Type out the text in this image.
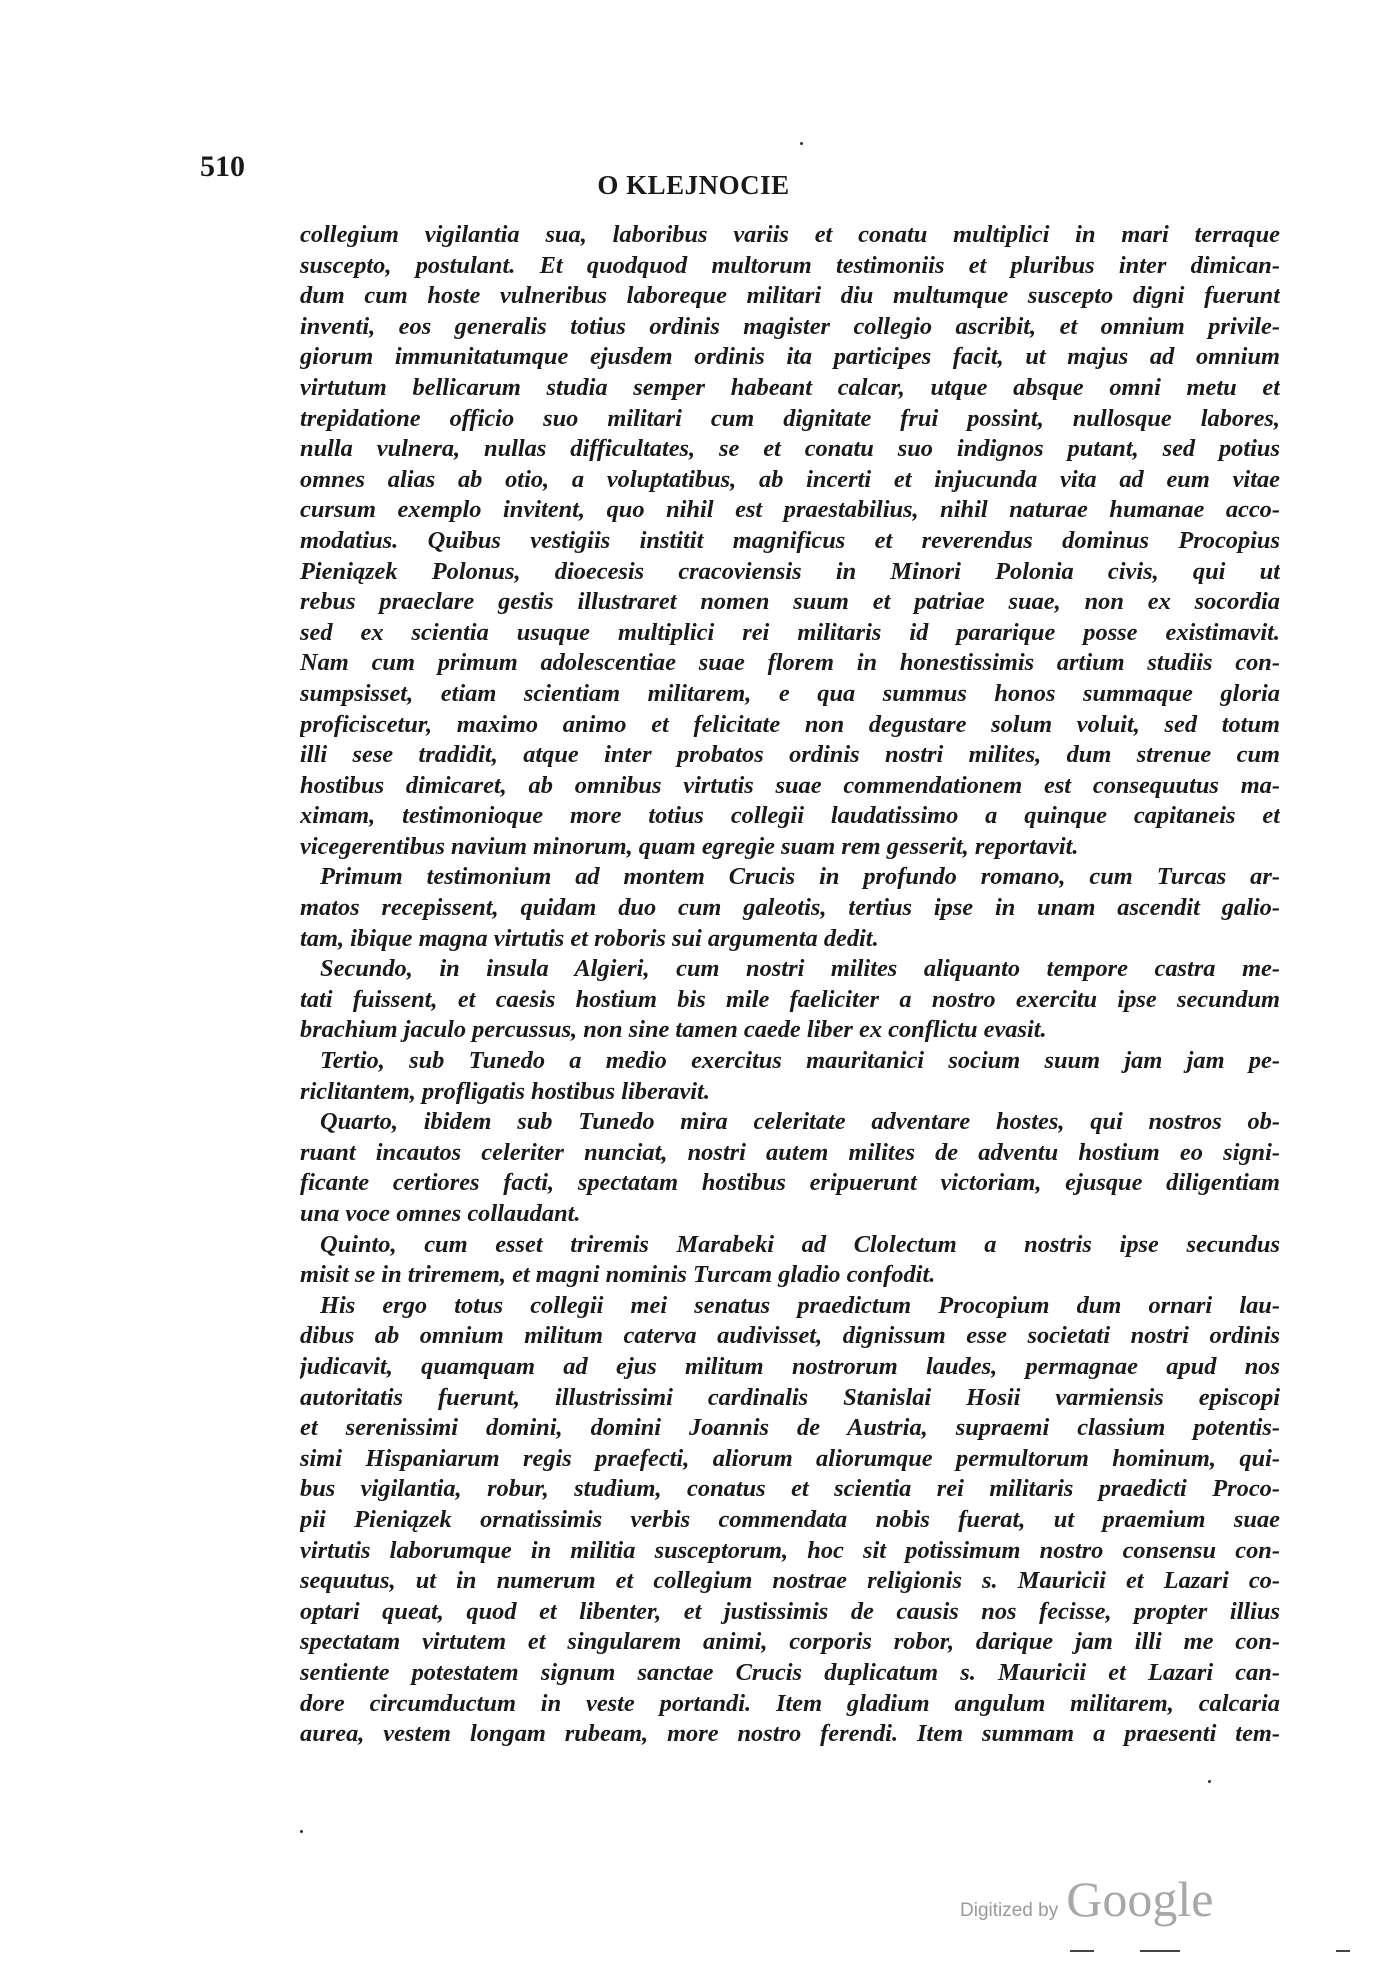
510
O KLEJNOCIE
collegium vigilantia sua, laboribus variis et conatu multiplici in mari terraque
suscepto, postulant. Et quodquod multorum testimoniis et pluribus inter dimican-
dum cum hoste vulneribus laboreque militari diu multumque suscepto digni fuerunt
inventi, eos generalis totius ordinis magister collegio ascribit, et omnium privile-
giorum immunitatumque ejusdem ordinis ita participes facit, ut majus ad omnium
virtutum bellicarum studia semper habeant calcar, utque absque omni metu et
trepidatione officio suo militari cum dignitate frui possint, nullosque labores,
nulla vulnera, nullas difficultates, se et conatu suo indignos putant, sed potius
omnes alias ab otio, a voluptatibus, ab incerti et injucunda vita ad eum vitae
cursum exemplo invitent, quo nihil est praestabilius, nihil naturae humanae acco-
modatius. Quibus vestigiis institit magnificus et reverendus dominus Procopius
Pieniązek Polonus, dioecesis cracoviensis in Minori Polonia civis, qui ut
rebus praeclare gestis illustraret nomen suum et patriae suae, non ex socordia
sed ex scientia usuque multiplici rei militaris id pararique posse existimavit.
Nam cum primum adolescentiae suae florem in honestissimis artium studiis con-
sumpsisset, etiam scientiam militarem, e qua summus honos summaque gloria
proficiscetur, maximo animo et felicitate non degustare solum voluit, sed totum
illi sese tradidit, atque inter probatos ordinis nostri milites, dum strenue cum
hostibus dimicaret, ab omnibus virtutis suae commendationem est consequutus ma-
ximam, testimonioque more totius collegii laudatissimo a quinque capitaneis et
vicegerentibus navium minorum, quam egregie suam rem gesserit, reportavit.
Primum testimonium ad montem Crucis in profundo romano, cum Turcas ar-
matos recepissent, quidam duo cum galeotis, tertius ipse in unam ascendit galio-
tam, ibique magna virtutis et roboris sui argumenta dedit.
Secundo, in insula Algieri, cum nostri milites aliquanto tempore castra me-
tati fuissent, et caesis hostium bis mile faeliciter a nostro exercitu ipse secundum
brachium jaculo percussus, non sine tamen caede liber ex conflictu evasit.
Tertio, sub Tunedo a medio exercitus mauritanici socium suum jam jam pe-
riclitantem, profligatis hostibus liberavit.
Quarto, ibidem sub Tunedo mira celeritate adventare hostes, qui nostros ob-
ruant incautos celeriter nunciat, nostri autem milites de adventu hostium eo signi-
ficante certiores facti, spectatam hostibus eripuerunt victoriam, ejusque diligentiam
una voce omnes collaudant.
Quinto, cum esset triremis Marabeki ad Clolectum a nostris ipse secundus
misit se in triremem, et magni nominis Turcam gladio confodit.
His ergo totus collegii mei senatus praedictum Procopium dum ornari lau-
dibus ab omnium militum caterva audivisset, dignissum esse societati nostri ordinis
judicavit, quamquam ad ejus militum nostrorum laudes, permagnae apud nos
autoritatis fuerunt, illustrissimi cardinalis Stanislai Hosii varmiensis episcopi
et serenissimi domini, domini Joannis de Austria, supraemi classium potentis-
simi Hispaniarum regis praefecti, aliorum aliorumque permultorum hominum, qui-
bus vigilantia, robur, studium, conatus et scientia rei militaris praedicti Proco-
pii Pieniązek ornatissimis verbis commendata nobis fuerat, ut praemium suae
virtutis laborumque in militia susceptorum, hoc sit potissimum nostro consensu con-
sequutus, ut in numerum et collegium nostrae religionis s. Mauricii et Lazari co-
optari queat, quod et libenter, et justissimis de causis nos fecisse, propter illius
spectatam virtutem et singularem animi, corporis robor, darique jam illi me con-
sentiente potestatem signum sanctae Crucis duplicatum s. Mauricii et Lazari can-
dore circumductum in veste portandi. Item gladium angulum militarem, calcaria
aurea, vestem longam rubeam, more nostro ferendi. Item summam a praesenti tem-
Digitized by Google
